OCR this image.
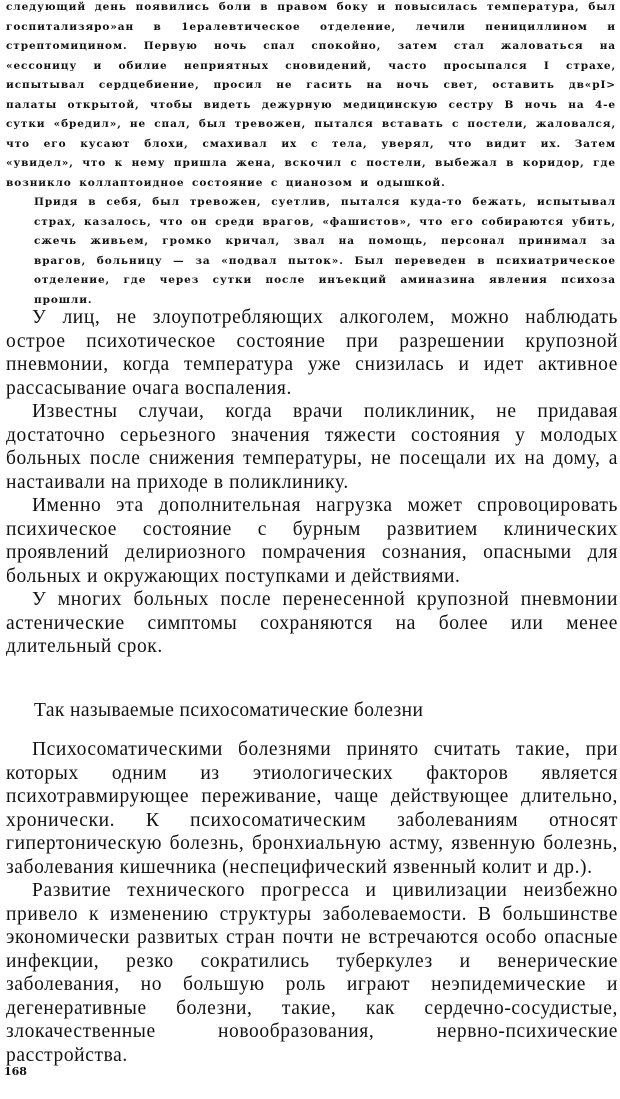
следующий день появились боли в правом боку и повысилась температура, был госпитализяро»ан в 1ералевтическое отделение, лечили пенициллином и стрептомицином. Первую ночь спал спокойно, затем стал жаловаться на «ессоницу и обилие неприятных сновидений, часто просыпался I страхе, испытывал сердцебиение, просил не гасить на ночь свет, оставить дв«рI> палаты открытой, чтобы видеть дежурную медицинскую сестру В ночь на 4-е сутки «бредил», не спал, был тревожен, пытался вставать с постели, жаловался, что его кусают блохи, смахивал их с тела, уверял, что видит их. Затем «увидел», что к нему пришла жена, вскочил с постели, выбежал в коридор, где возникло коллаптоидное состояние с цианозом и одышкой.
Придя в себя, был тревожен, суетлив, пытался куда-то бежать, испытывал страх, казалось, что он среди врагов, «фашистов», что его собираются убить, сжечь живьем, громко кричал, звал на помощь, персонал принимал за врагов, больницу — за «подвал пыток». Был переведен в психиатрическое отделение, где через сутки после инъекций аминазина явления психоза прошли.

У лиц, не злоупотребляющих алкоголем, можно наблюдать острое психотическое состояние при разрешении крупозной пневмонии, когда температура уже снизилась и идет активное рассасывание очага воспаления.

Известны случаи, когда врачи поликлиник, не придавая достаточно серьезного значения тяжести состояния у молодых больных после снижения температуры, не посещали их на дому, а настаивали на приходе в поликлинику.

Именно эта дополнительная нагрузка может спровоцировать психическое состояние с бурным развитием клинических проявлений делириозного помрачения сознания, опасными для больных и окружающих поступками и действиями.

У многих больных после перенесенной крупозной пневмонии астенические симптомы сохраняются на более или менее длительный срок.

Так называемые психосоматические болезни

Психосоматическими болезнями принято считать такие, при которых одним из этиологических факторов является психотравмирующее переживание, чаще действующее длительно, хронически. К психосоматическим заболеваниям относят гипертоническую болезнь, бронхиальную астму, язвенную болезнь, заболевания кишечника (неспецифический язвенный колит и др.).

Развитие технического прогресса и цивилизации неизбежно привело к изменению структуры заболеваемости. В большинстве экономически развитых стран почти не встречаются особо опасные инфекции, резко сократились туберкулез и венерические заболевания, но большую роль играют неэпидемические и дегенеративные болезни, такие, как сердечно-сосудистые, злокачественные новообразования, нервно-психические расстройства.

168
